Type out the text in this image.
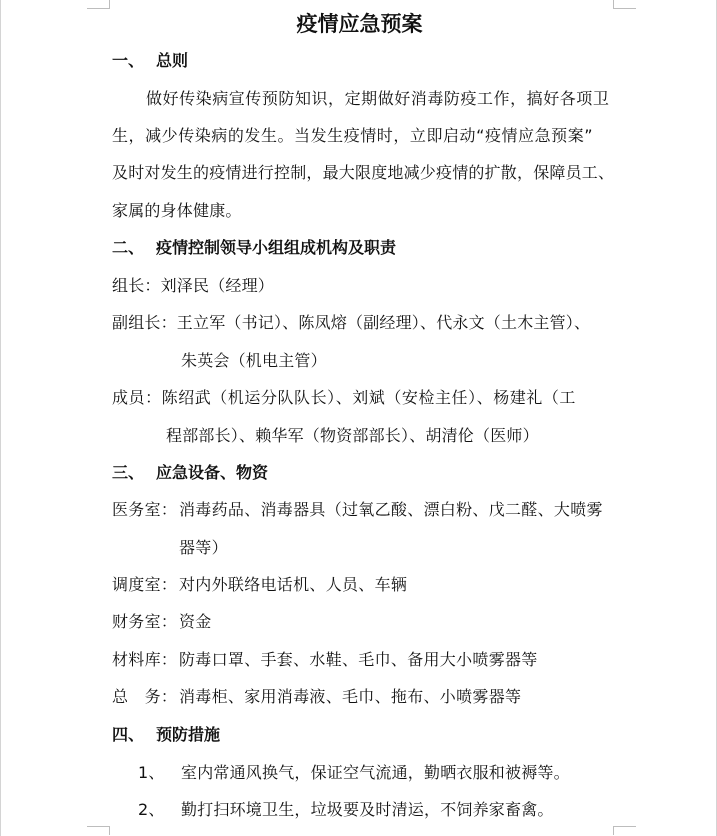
疫情应急预案
一、 总则
做好传染病宣传预防知识，定期做好消毒防疫工作，搞好各项卫
生，减少传染病的发生。当发生疫情时，立即启动“疫情应急预案”
及时对发生的疫情进行控制，最大限度地减少疫情的扩散，保障员工、
家属的身体健康。
二、 疫情控制领导小组组成机构及职责
组长：刘泽民（经理）
副组长：王立军（书记）、陈凤熔（副经理）、代永文（土木主管）、
朱英会（机电主管）
成员：陈绍武（机运分队队长）、刘斌（安检主任）、杨建礼（工
程部部长）、赖华军（物资部部长）、胡清伦（医师）
三、 应急设备、物资
医务室： 消毒药品、消毒器具（过氧乙酸、漂白粉、戊二醛、大喷雾
器等）
调度室： 对内外联络电话机、人员、车辆
财务室： 资金
材料库： 防毒口罩、手套、水鞋、毛巾、备用大小喷雾器等
总　务： 消毒柜、家用消毒液、毛巾、拖布、小喷雾器等
四、 预防措施
1、 室内常通风换气，保证空气流通，勤晒衣服和被褥等。
2、 勤打扫环境卫生，垃圾要及时清运，不饲养家畜禽。
